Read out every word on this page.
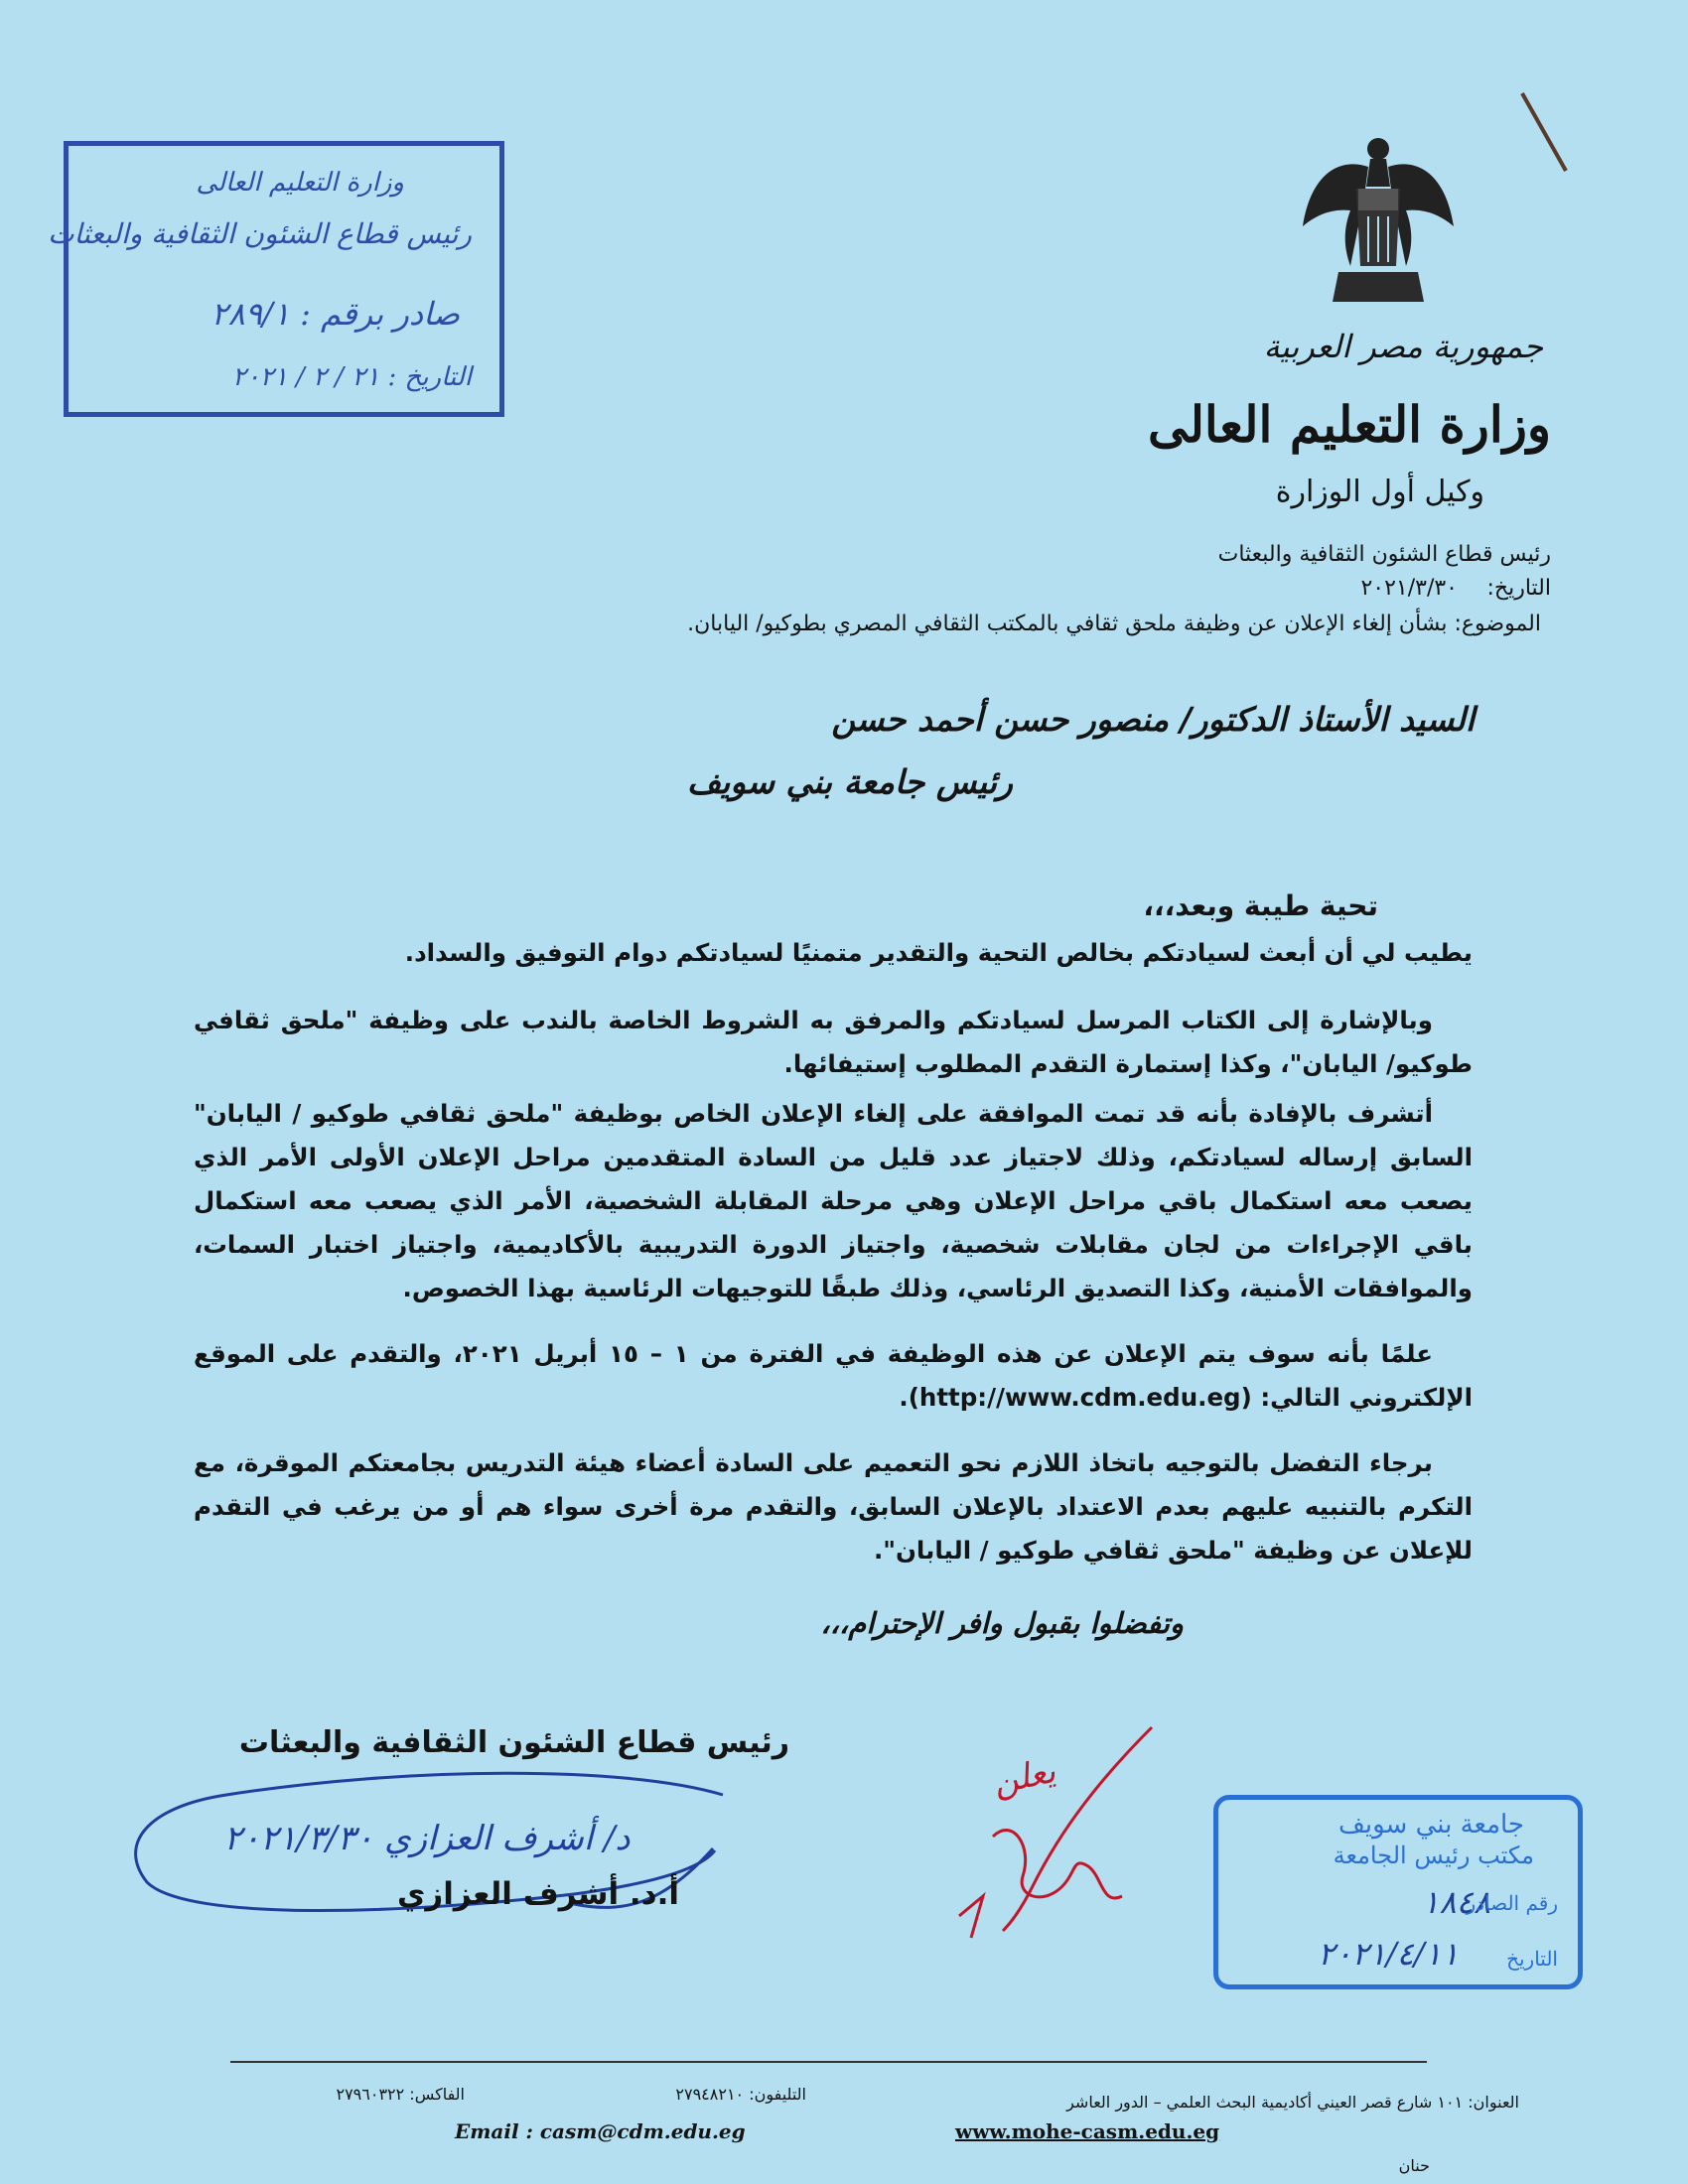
جمهورية مصر العربية
وزارة التعليم العالى
وكيل أول الوزارة
رئيس قطاع الشئون الثقافية والبعثات
التاريخ:
٢٠٢١/٣/٣٠
الموضوع: بشأن إلغاء الإعلان عن وظيفة ملحق ثقافي بالمكتب الثقافي المصري بطوكيو/ اليابان.
وزارة التعليم العالى
رئيس قطاع الشئون الثقافية والبعثات
صادر برقم : ٢٨٩/١
التاريخ : ٢١ / ٢ / ٢٠٢١
السيد الأستاذ الدكتور/ منصور حسن أحمد حسن
رئيس جامعة بني سويف
تحية طيبة وبعد،،،

يطيب لي أن أبعث لسيادتكم بخالص التحية والتقدير متمنيًا لسيادتكم دوام التوفيق والسداد.

وبالإشارة إلى الكتاب المرسل لسيادتكم والمرفق به الشروط الخاصة بالندب على وظيفة "ملحق ثقافي طوكيو/ اليابان"، وكذا إستمارة التقدم المطلوب إستيفائها.

أتشرف بالإفادة بأنه قد تمت الموافقة على إلغاء الإعلان الخاص بوظيفة "ملحق ثقافي طوكيو / اليابان" السابق إرساله لسيادتكم، وذلك لاجتياز عدد قليل من السادة المتقدمين مراحل الإعلان الأولى الأمر الذي يصعب معه استكمال باقي مراحل الإعلان وهي مرحلة المقابلة الشخصية، الأمر الذي يصعب معه استكمال باقي الإجراءات من لجان مقابلات شخصية، واجتياز الدورة التدريبية بالأكاديمية، واجتياز اختبار السمات، والموافقات الأمنية، وكذا التصديق الرئاسي، وذلك طبقًا للتوجيهات الرئاسية بهذا الخصوص.

علمًا بأنه سوف يتم الإعلان عن هذه الوظيفة في الفترة من ١ – ١٥ أبريل ٢٠٢١، والتقدم على الموقع الإلكتروني التالي: (http://www.cdm.edu.eg).

برجاء التفضل بالتوجيه باتخاذ اللازم نحو التعميم على السادة أعضاء هيئة التدريس بجامعتكم الموقرة، مع التكرم بالتنبيه عليهم بعدم الاعتداد بالإعلان السابق، والتقدم مرة أخرى سواء هم أو من يرغب في التقدم للإعلان عن وظيفة "ملحق ثقافي طوكيو / اليابان".

وتفضلوا بقبول وافر الإحترام،،،
رئيس قطاع الشئون الثقافية والبعثات
د/ أشرف العزازي ٢٠٢١/٣/٣٠
أ.د. أشرف العزازي
يعلن
جامعة بني سويف
مكتب رئيس الجامعة
١٨٤٨
رقم الصادر
٢٠٢١/٤/١١ التاريخ
العنوان: ١٠١ شارع قصر العيني أكاديمية البحث العلمي – الدور العاشر
التليفون: ٢٧٩٤٨٢١٠
الفاكس: ٢٧٩٦٠٣٢٢
Email : casm@cdm.edu.eg	www.mohe-casm.edu.eg
حنان
